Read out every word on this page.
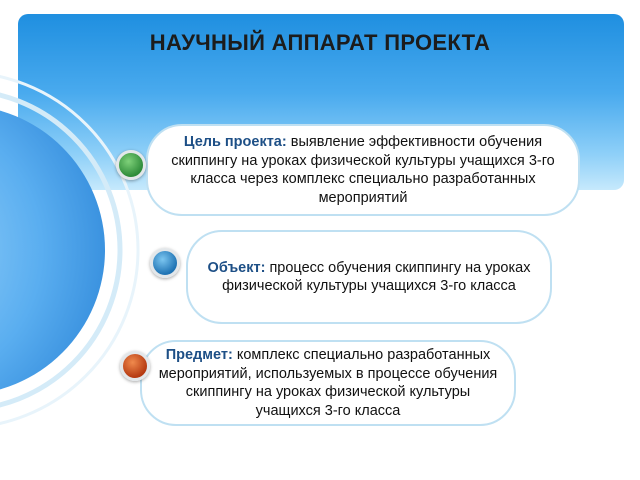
НАУЧНЫЙ АППАРАТ ПРОЕКТА
Цель проекта: выявление эффективности обучения скиппингу на уроках физической культуры учащихся 3-го класса через комплекс специально разработанных мероприятий
Объект: процесс обучения скиппингу на уроках физической культуры учащихся 3-го класса
Предмет: комплекс специально разработанных мероприятий, используемых в процессе обучения скиппингу на уроках физической культуры учащихся 3-го класса
